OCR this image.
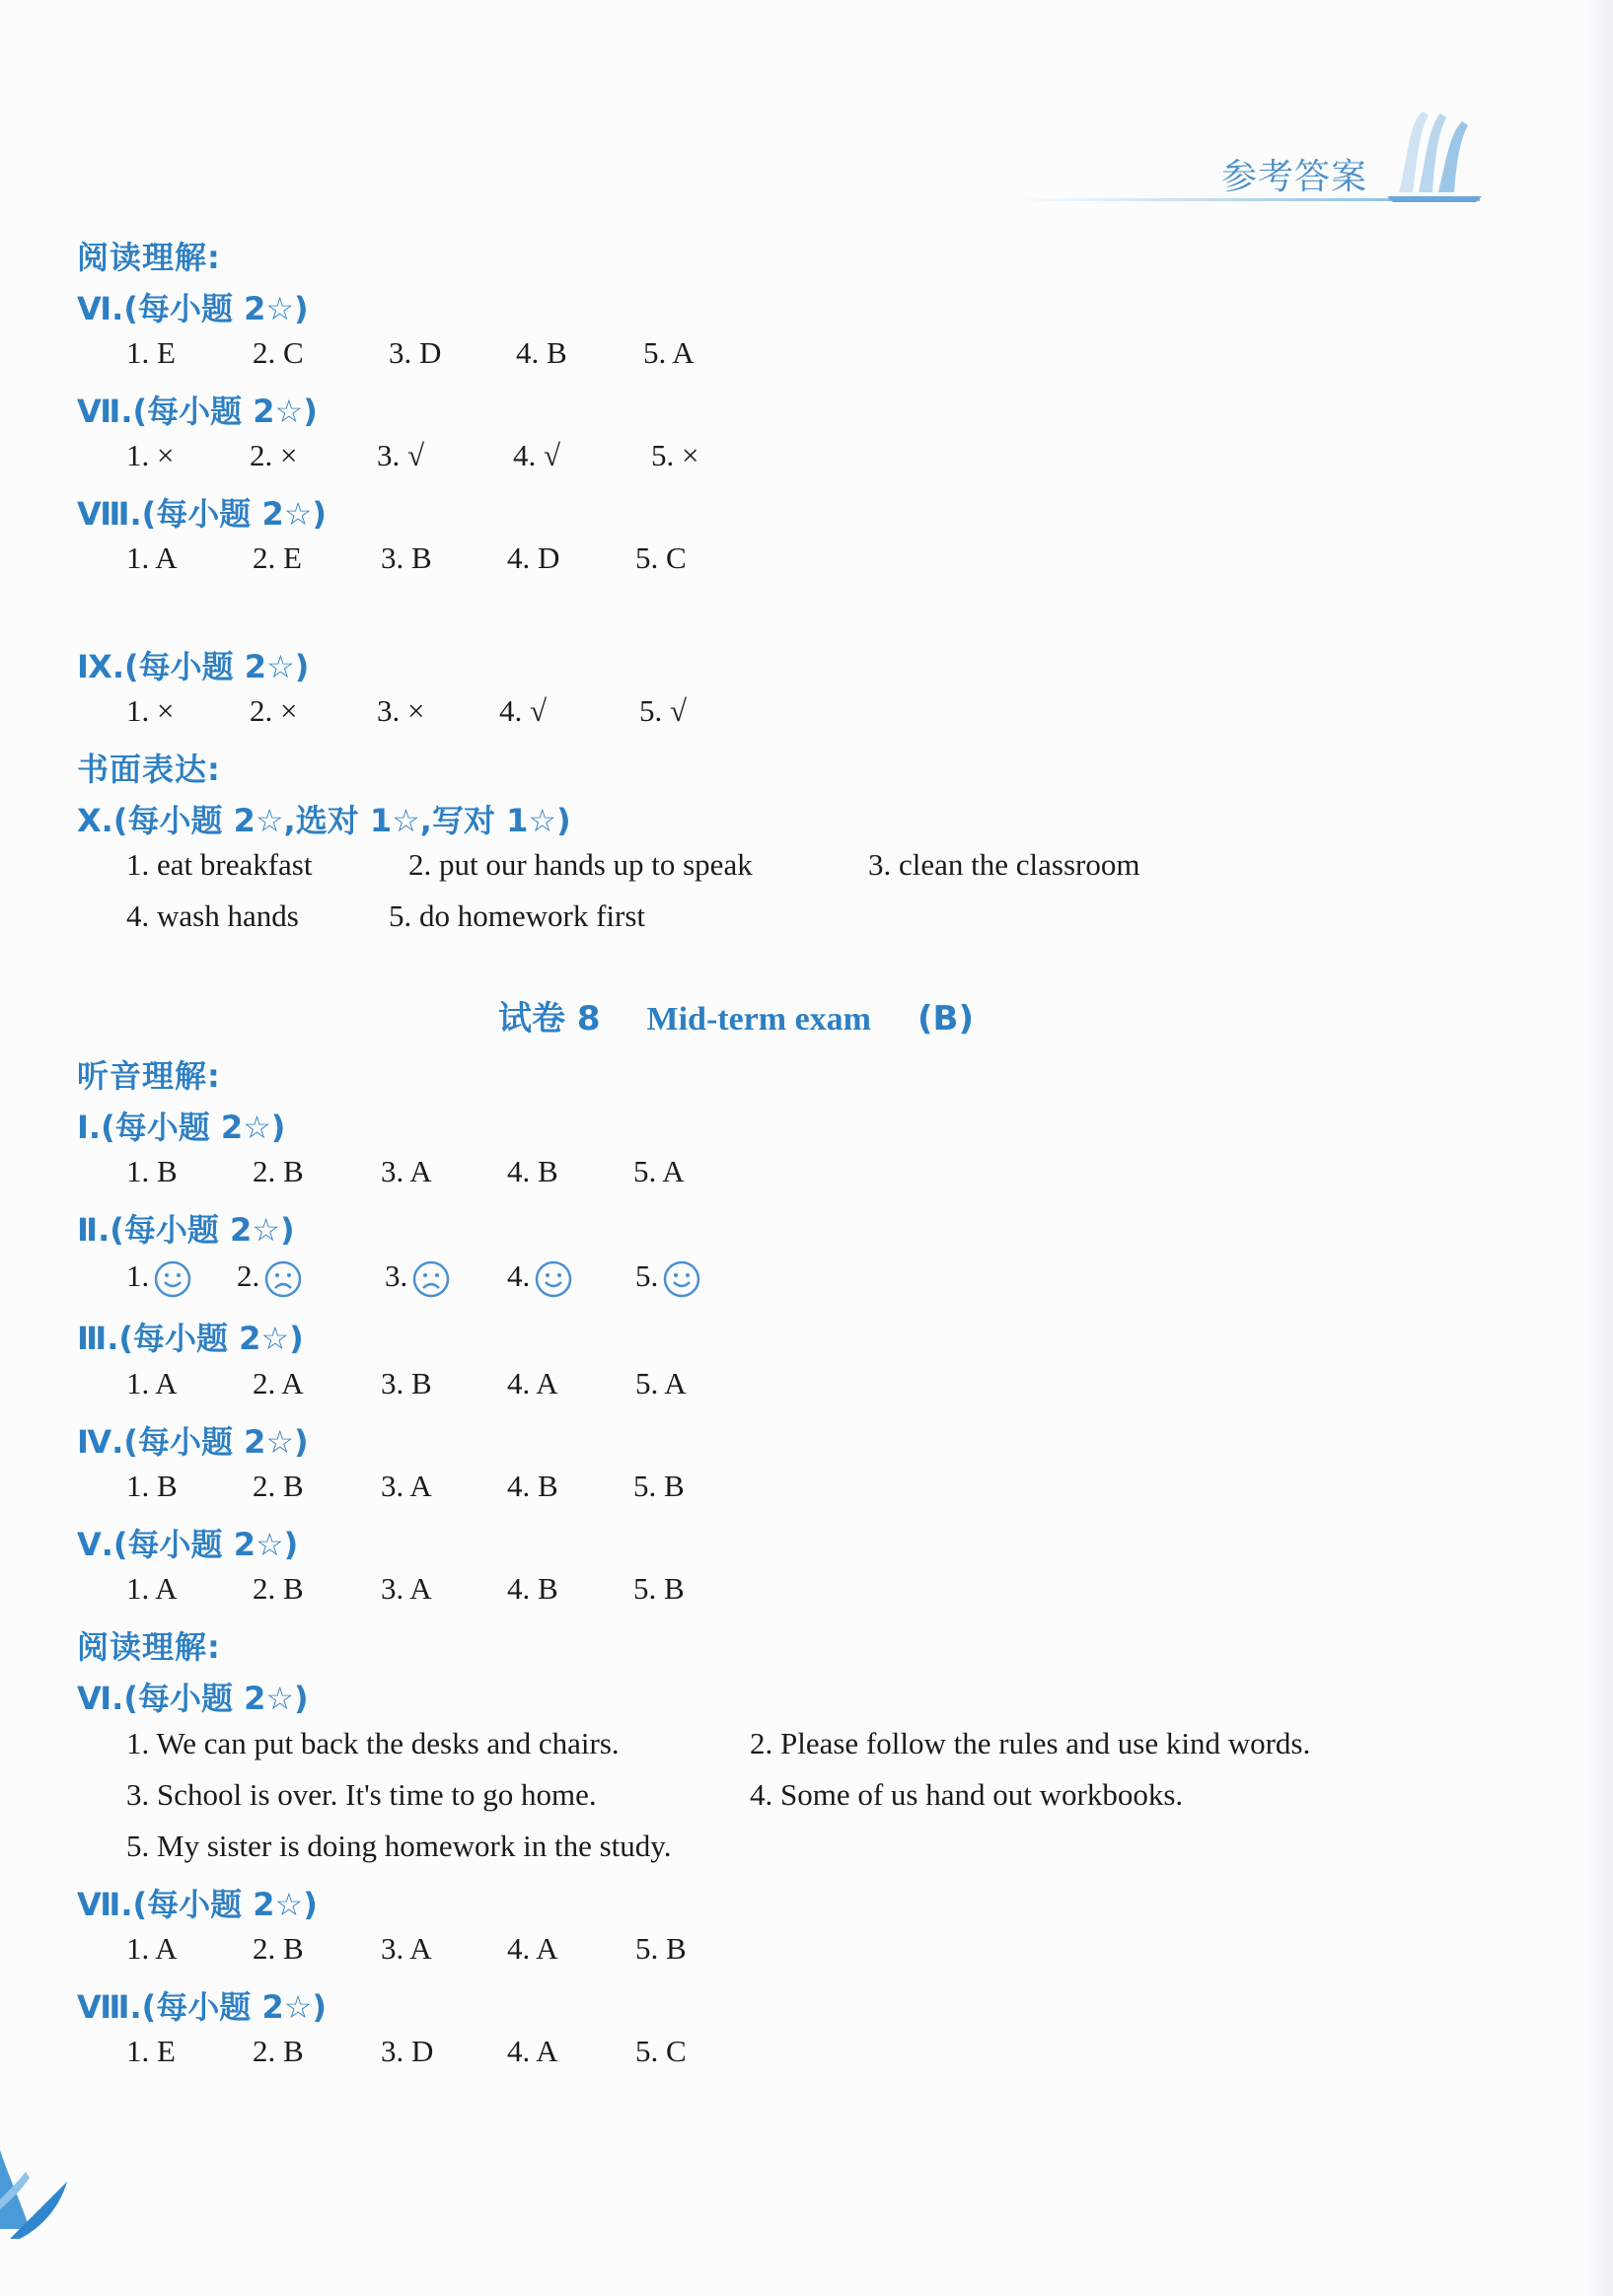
参考答案
阅读理解:
Ⅵ.(每小题 2☆)
1. E	2. C	3. D 4. B 5. A
Ⅶ.(每小题 2☆)
1. × 2. ×	3. √	4. √	5. ×
Ⅷ.(每小题 2☆)
1. A 2. E	3. B 4. D 5. C
Ⅸ.(每小题 2☆)
1. × 2. ×	3. × 4. √	5. √
书面表达:
Ⅹ.(每小题 2☆,选对 1☆,写对 1☆)
1. eat breakfast	2. put our hands up to speak	3. clean the classroom
4. wash hands	5. do homework first
试卷 8 Mid-term exam (B)
听音理解:
Ⅰ.(每小题 2☆)
1. B 2. B	3. A 4. B 5. A
Ⅱ.(每小题 2☆)
1.	2.	3.	4.	5.
Ⅲ.(每小题 2☆)
1. A 2. A	3. B 4. A	5. A
Ⅳ.(每小题 2☆)
1. B 2. B	3. A 4. B 5. B
Ⅴ.(每小题 2☆)
1. A 2. B	3. A 4. B 5. B
阅读理解:
Ⅵ.(每小题 2☆)
1. We can put back the desks and chairs.	2. Please follow the rules and use kind words.
3. School is over. It's time to go home.	4. Some of us hand out workbooks.
5. My sister is doing homework in the study.
Ⅶ.(每小题 2☆)
1. A 2. B	3. A 4. A	5. B
Ⅷ.(每小题 2☆)
1. E	2. B	3. D 4. A	5. C
